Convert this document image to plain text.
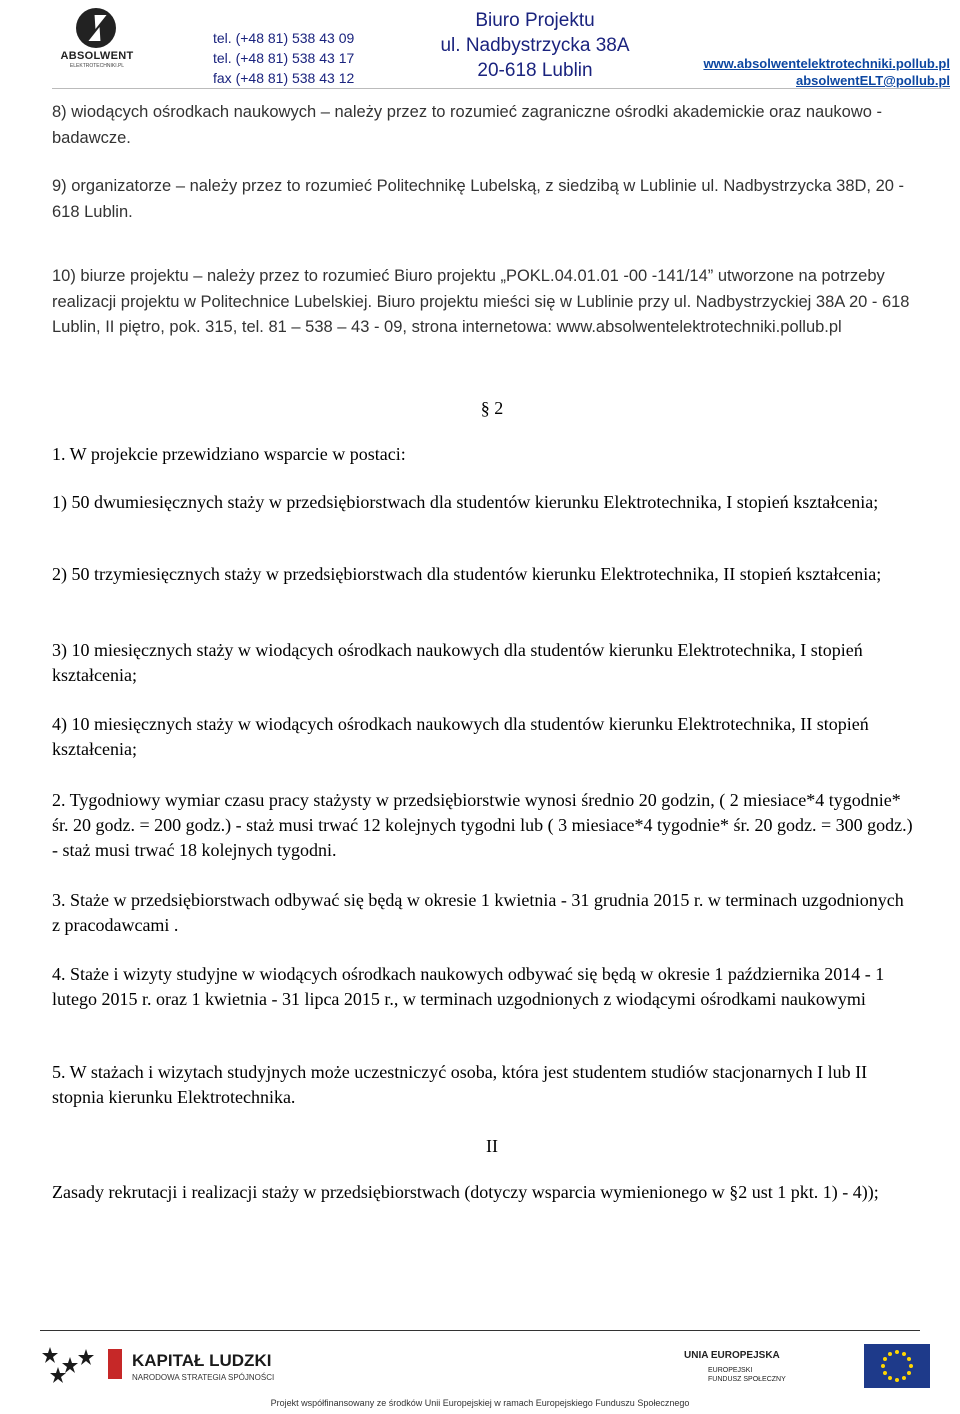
ABSOLWENT
ELEKTROTECHNIKI.PL
tel. (+48 81) 538 43 09
tel. (+48 81) 538 43 17
fax (+48 81) 538 43 12
Biuro Projektu
ul. Nadbystrzycka 38A
20-618 Lublin	www.absolwentelektrotechniki.pollub.pl
absolwentELT@pollub.pl
8) wiodących ośrodkach naukowych – należy przez to rozumieć zagraniczne ośrodki akademickie oraz naukowo - badawcze.
9) organizatorze – należy przez to rozumieć Politechnikę Lubelską, z siedzibą w Lublinie ul. Nadbystrzycka 38D, 20 - 618 Lublin.
10) biurze projektu – należy przez to rozumieć Biuro projektu „POKL.04.01.01 -00 -141/14” utworzone na potrzeby realizacji projektu w Politechnice Lubelskiej. Biuro projektu mieści się w Lublinie przy ul. Nadbystrzyckiej 38A 20 - 618 Lublin, II piętro, pok. 315, tel. 81 – 538 – 43 - 09, strona internetowa: www.absolwentelektrotechniki.pollub.pl
§ 2
1. W projekcie przewidziano wsparcie w postaci:
1) 50 dwumiesięcznych staży w przedsiębiorstwach dla studentów kierunku Elektrotechnika, I stopień kształcenia;
2) 50 trzymiesięcznych staży w przedsiębiorstwach dla studentów kierunku Elektrotechnika, II stopień kształcenia;
3) 10 miesięcznych staży w wiodących ośrodkach naukowych dla studentów kierunku Elektrotechnika, I stopień kształcenia;
4) 10 miesięcznych staży w wiodących ośrodkach naukowych dla studentów kierunku Elektrotechnika, II stopień kształcenia;
2. Tygodniowy wymiar czasu pracy stażysty w przedsiębiorstwie wynosi średnio 20 godzin, ( 2 miesiace*4 tygodnie* śr. 20 godz. = 200 godz.) - staż musi trwać 12 kolejnych tygodni lub ( 3 miesiace*4 tygodnie* śr. 20 godz. = 300 godz.) - staż musi trwać 18 kolejnych tygodni.
3. Staże w przedsiębiorstwach odbywać się będą w okresie 1 kwietnia - 31 grudnia 2015 r. w terminach uzgodnionych z pracodawcami .
4. Staże i wizyty studyjne w wiodących ośrodkach naukowych odbywać się będą w okresie 1 października 2014 - 1 lutego 2015 r. oraz 1 kwietnia - 31 lipca 2015 r., w terminach uzgodnionych z wiodącymi ośrodkami naukowymi
5. W stażach i wizytach studyjnych może uczestniczyć osoba, która jest studentem studiów stacjonarnych I lub II stopnia kierunku Elektrotechnika.
II
Zasady rekrutacji i realizacji staży w przedsiębiorstwach (dotyczy wsparcia wymienionego w §2 ust 1 pkt. 1) - 4));
KAPITAŁ LUDZKI
NARODOWA STRATEGIA SPÓJNOŚCI
UNIA EUROPEJSKA
EUROPEJSKI
FUNDUSZ SPOŁECZNY
Projekt współfinansowany ze środków Unii Europejskiej w ramach Europejskiego Funduszu Społecznego
